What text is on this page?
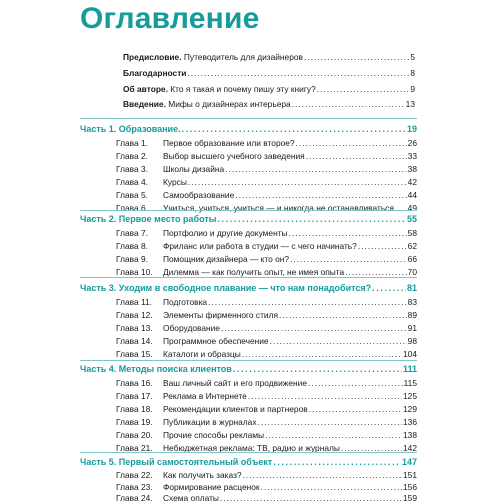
Оглавление
Предисловие. Путеводитель для дизайнеров .....	5
Благодарности .....	8
Об авторе. Кто я такая и почему пишу эту книгу? .....	9
Введение. Мифы о дизайнерах интерьера .....	13
Часть 1. Образование. .....	19
Глава 1. Первое образование или второе? .....	26
Глава 2. Выбор высшего учебного заведения .....	33
Глава 3. Школы дизайна .....	38
Глава 4. Курсы .....	42
Глава 5. Самообразование .....	44
Глава 6. Учиться, учиться, учиться — и никогда не останавливаться ..... 49
Часть 2. Первое место работы .....	55
Глава 7. Портфолио и другие документы .....	58
Глава 8. Фриланс или работа в студии — с чего начинать? .....	62
Глава 9. Помощник дизайнера — кто он? .....	66
Глава 10. Дилемма — как получить опыт, не имея опыта .....	70
Часть 3. Уходим в свободное плавание — что нам понадобится? .....	81
Глава 11. Подготовка .....	83
Глава 12. Элементы фирменного стиля .....	89
Глава 13. Оборудование .....	91
Глава 14. Программное обеспечение .....	98
Глава 15. Каталоги и образцы .....	104
Часть 4. Методы поиска клиентов .....	111
Глава 16. Ваш личный сайт и его продвижение .....	115
Глава 17. Реклама в Интернете .....	125
Глава 18. Рекомендации клиентов и партнеров .....	129
Глава 19. Публикации в журналах .....	136
Глава 20. Прочие способы рекламы .....	138
Глава 21. Небюджетная реклама: ТВ, радио и журналы .....	142
Часть 5. Первый самостоятельный объект .....	147
Глава 22. Как получить заказ? .....	151
Глава 23. Формирование расценок .....	156
Глава 24. Схема оплаты .....	159
